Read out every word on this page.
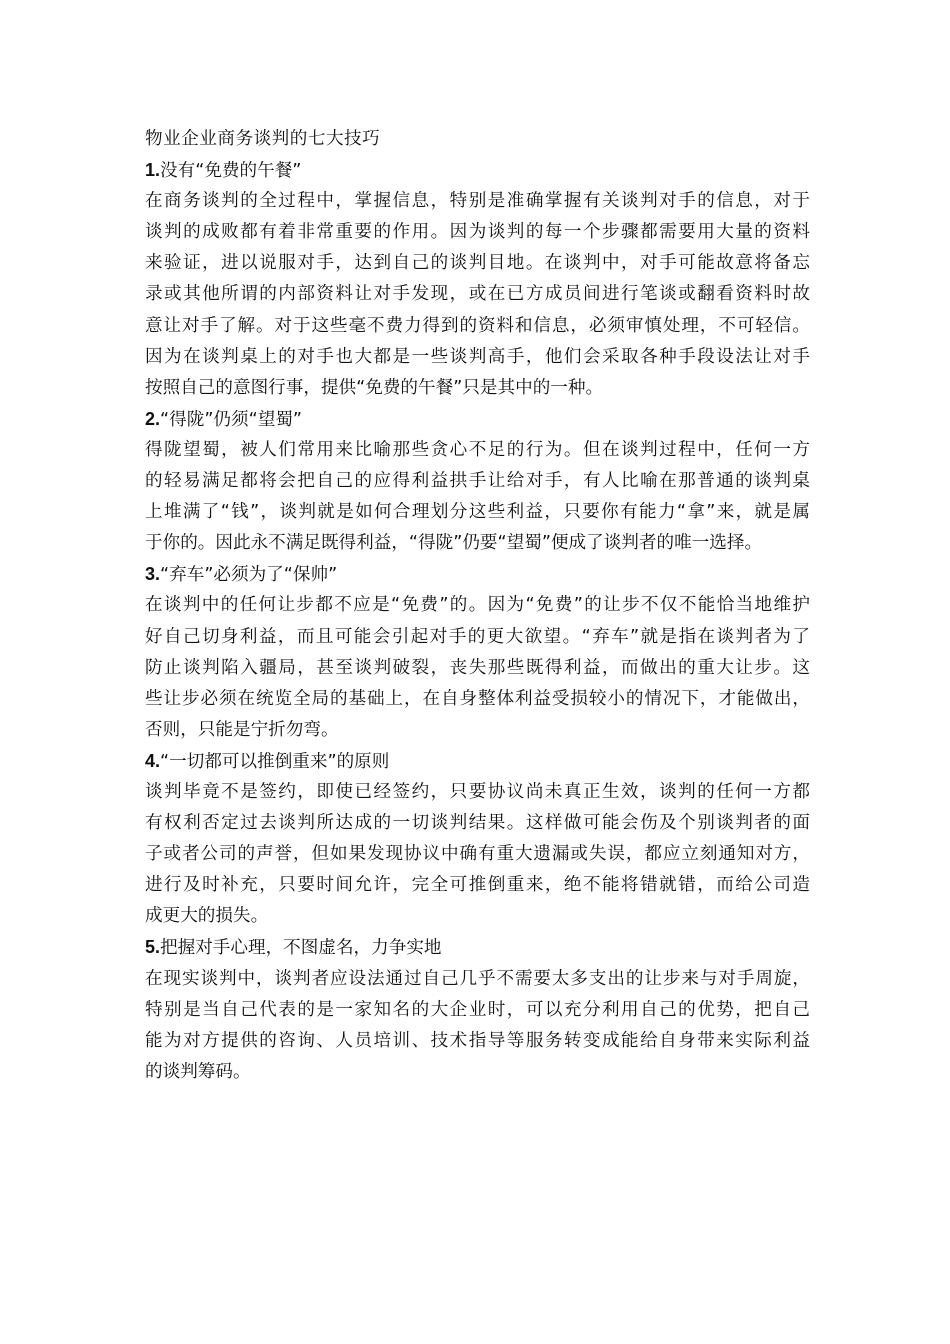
物业企业商务谈判的七大技巧
1.没有“免费的午餐”
在商务谈判的全过程中，掌握信息，特别是准确掌握有关谈判对手的信息，对于
谈判的成败都有着非常重要的作用。因为谈判的每一个步骤都需要用大量的资料
来验证，进以说服对手，达到自己的谈判目地。在谈判中，对手可能故意将备忘
录或其他所谓的内部资料让对手发现，或在已方成员间进行笔谈或翻看资料时故
意让对手了解。对于这些毫不费力得到的资料和信息，必须审慎处理，不可轻信。
因为在谈判桌上的对手也大都是一些谈判高手，他们会采取各种手段设法让对手
按照自己的意图行事，提供“免费的午餐”只是其中的一种。
2.“得陇”仍须“望蜀”
得陇望蜀，被人们常用来比喻那些贪心不足的行为。但在谈判过程中，任何一方
的轻易满足都将会把自己的应得利益拱手让给对手，有人比喻在那普通的谈判桌
上堆满了“钱”，谈判就是如何合理划分这些利益，只要你有能力“拿”来，就是属
于你的。因此永不满足既得利益，“得陇”仍要“望蜀”便成了谈判者的唯一选择。
3.“弃车”必须为了“保帅”
在谈判中的任何让步都不应是“免费”的。因为“免费”的让步不仅不能恰当地维护
好自己切身利益，而且可能会引起对手的更大欲望。“弃车”就是指在谈判者为了
防止谈判陷入疆局，甚至谈判破裂，丧失那些既得利益，而做出的重大让步。这
些让步必须在统览全局的基础上，在自身整体利益受损较小的情况下，才能做出，
否则，只能是宁折勿弯。
4.“一切都可以推倒重来”的原则
谈判毕竟不是签约，即使已经签约，只要协议尚未真正生效，谈判的任何一方都
有权利否定过去谈判所达成的一切谈判结果。这样做可能会伤及个别谈判者的面
子或者公司的声誉，但如果发现协议中确有重大遗漏或失误，都应立刻通知对方，
进行及时补充，只要时间允许，完全可推倒重来，绝不能将错就错，而给公司造
成更大的损失。
5.把握对手心理，不图虚名，力争实地
在现实谈判中，谈判者应设法通过自己几乎不需要太多支出的让步来与对手周旋，
特别是当自己代表的是一家知名的大企业时，可以充分利用自己的优势，把自己
能为对方提供的咨询、人员培训、技术指导等服务转变成能给自身带来实际利益
的谈判筹码。
